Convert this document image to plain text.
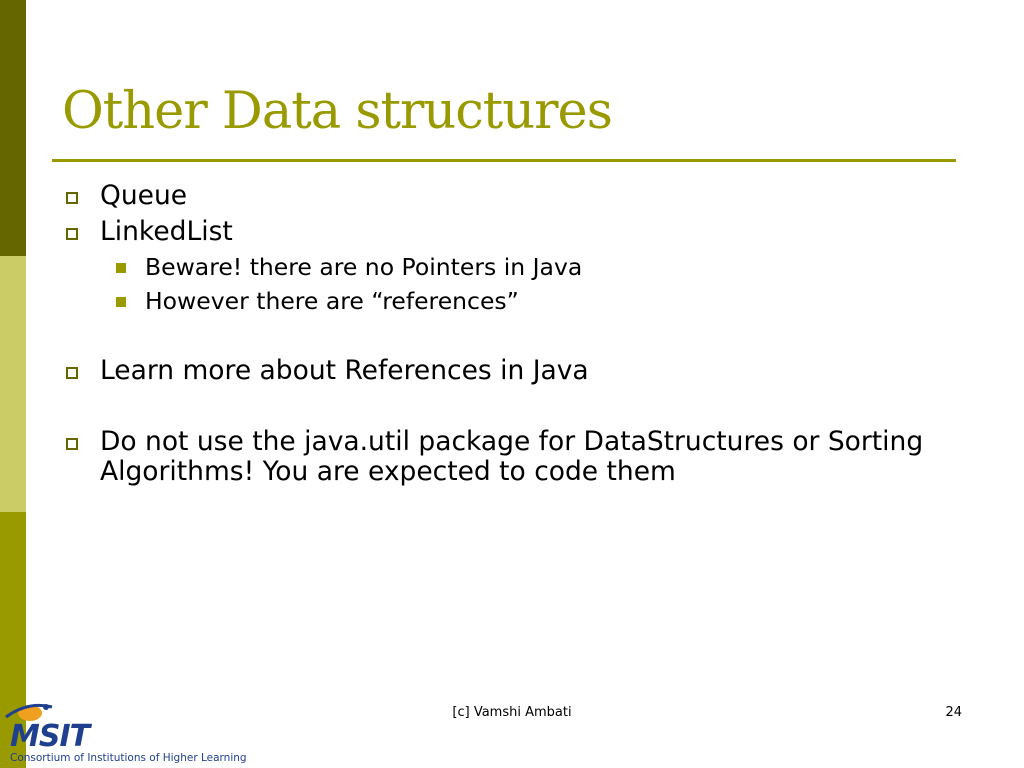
Other Data structures
Queue
LinkedList
Beware! there are no Pointers in Java
However there are “references”
Learn more about References in Java
Do not use the java.util package for DataStructures or Sorting Algorithms! You are expected to code them
[c] Vamshi Ambati	24
MSIT
Consortium of Institutions of Higher Learning
